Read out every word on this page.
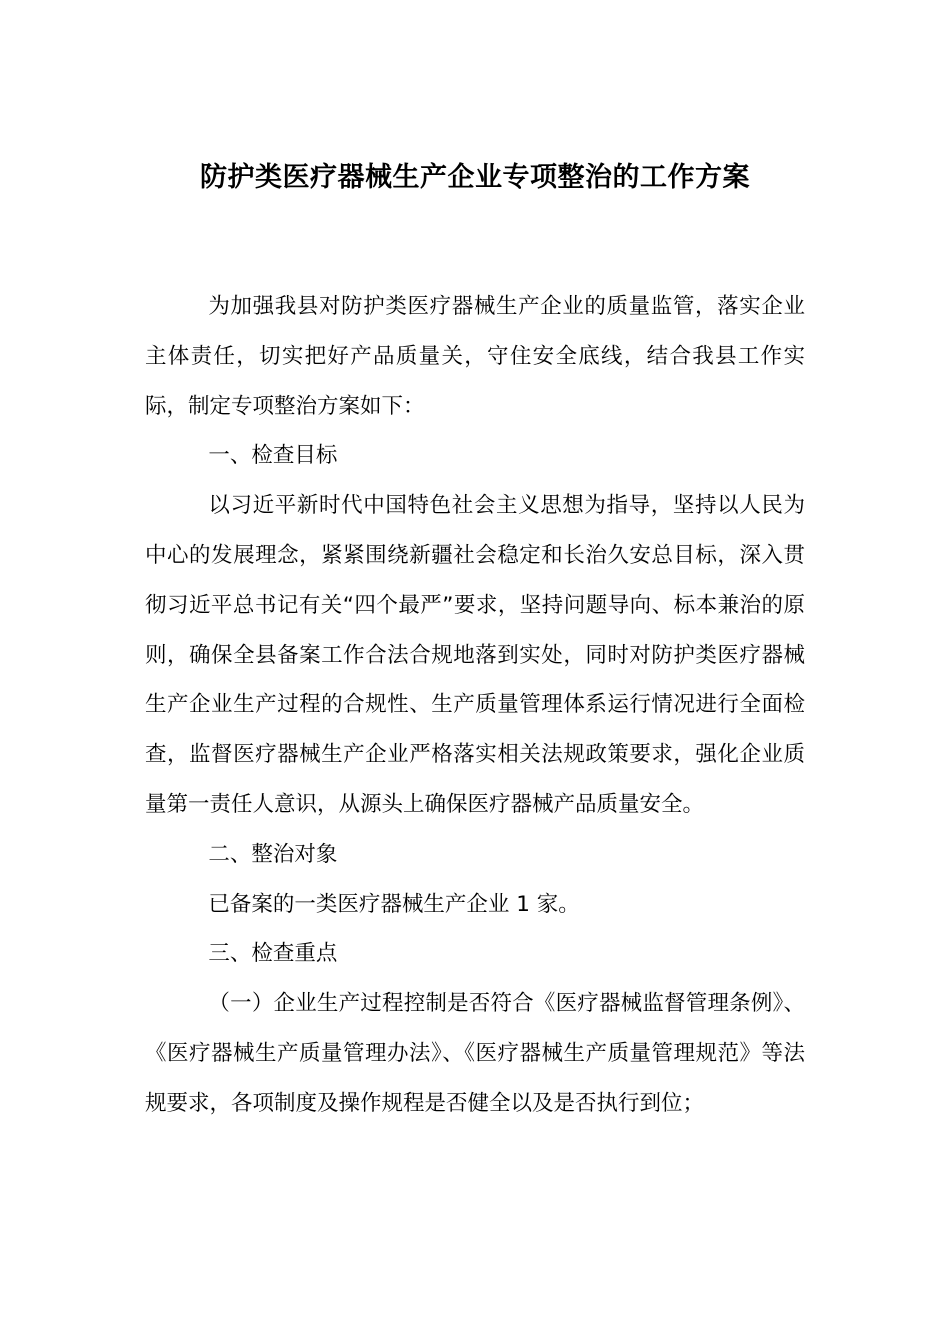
防护类医疗器械生产企业专项整治的工作方案

为加强我县对防护类医疗器械生产企业的质量监管，落实企业主体责任，切实把好产品质量关，守住安全底线，结合我县工作实际，制定专项整治方案如下：

一、检查目标

以习近平新时代中国特色社会主义思想为指导，坚持以人民为中心的发展理念，紧紧围绕新疆社会稳定和长治久安总目标，深入贯彻习近平总书记有关“四个最严”要求，坚持问题导向、标本兼治的原则，确保全县备案工作合法合规地落到实处，同时对防护类医疗器械生产企业生产过程的合规性、生产质量管理体系运行情况进行全面检查，监督医疗器械生产企业严格落实相关法规政策要求，强化企业质量第一责任人意识，从源头上确保医疗器械产品质量安全。

二、整治对象

已备案的一类医疗器械生产企业 1 家。

三、检查重点

（一）企业生产过程控制是否符合《医疗器械监督管理条例》、《医疗器械生产质量管理办法》、《医疗器械生产质量管理规范》等法规要求，各项制度及操作规程是否健全以及是否执行到位；
